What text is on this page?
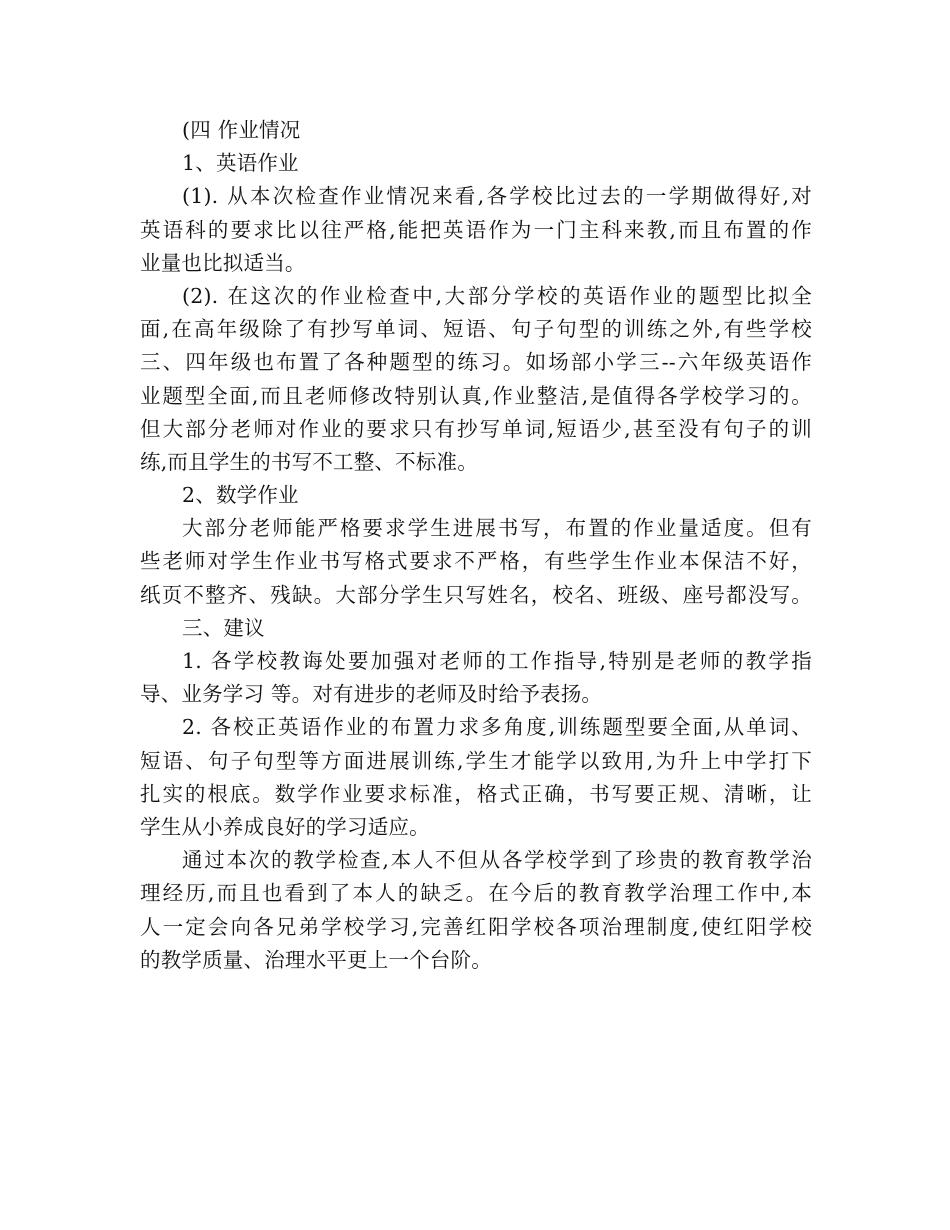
(四 作业情况
1、英语作业
(1). 从本次检查作业情况来看,各学校比过去的一学期做得好,对
英语科的要求比以往严格,能把英语作为一门主科来教,而且布置的作
业量也比拟适当。
(2). 在这次的作业检查中,大部分学校的英语作业的题型比拟全
面,在高年级除了有抄写单词、短语、句子句型的训练之外,有些学校
三、四年级也布置了各种题型的练习。如场部小学三--六年级英语作
业题型全面,而且老师修改特别认真,作业整洁,是值得各学校学习的。
但大部分老师对作业的要求只有抄写单词,短语少,甚至没有句子的训
练,而且学生的书写不工整、不标准。
2、数学作业
大部分老师能严格要求学生进展书写，布置的作业量适度。但有
些老师对学生作业书写格式要求不严格，有些学生作业本保洁不好，
纸页不整齐、残缺。大部分学生只写姓名，校名、班级、座号都没写。
三、建议
1. 各学校教诲处要加强对老师的工作指导,特别是老师的教学指
导、业务学习 等。对有进步的老师及时给予表扬。
2. 各校正英语作业的布置力求多角度,训练题型要全面,从单词、
短语、句子句型等方面进展训练,学生才能学以致用,为升上中学打下
扎实的根底。数学作业要求标准，格式正确，书写要正规、清晰，让
学生从小养成良好的学习适应。
通过本次的教学检查,本人不但从各学校学到了珍贵的教育教学治
理经历,而且也看到了本人的缺乏。在今后的教育教学治理工作中,本
人一定会向各兄弟学校学习,完善红阳学校各项治理制度,使红阳学校
的教学质量、治理水平更上一个台阶。
